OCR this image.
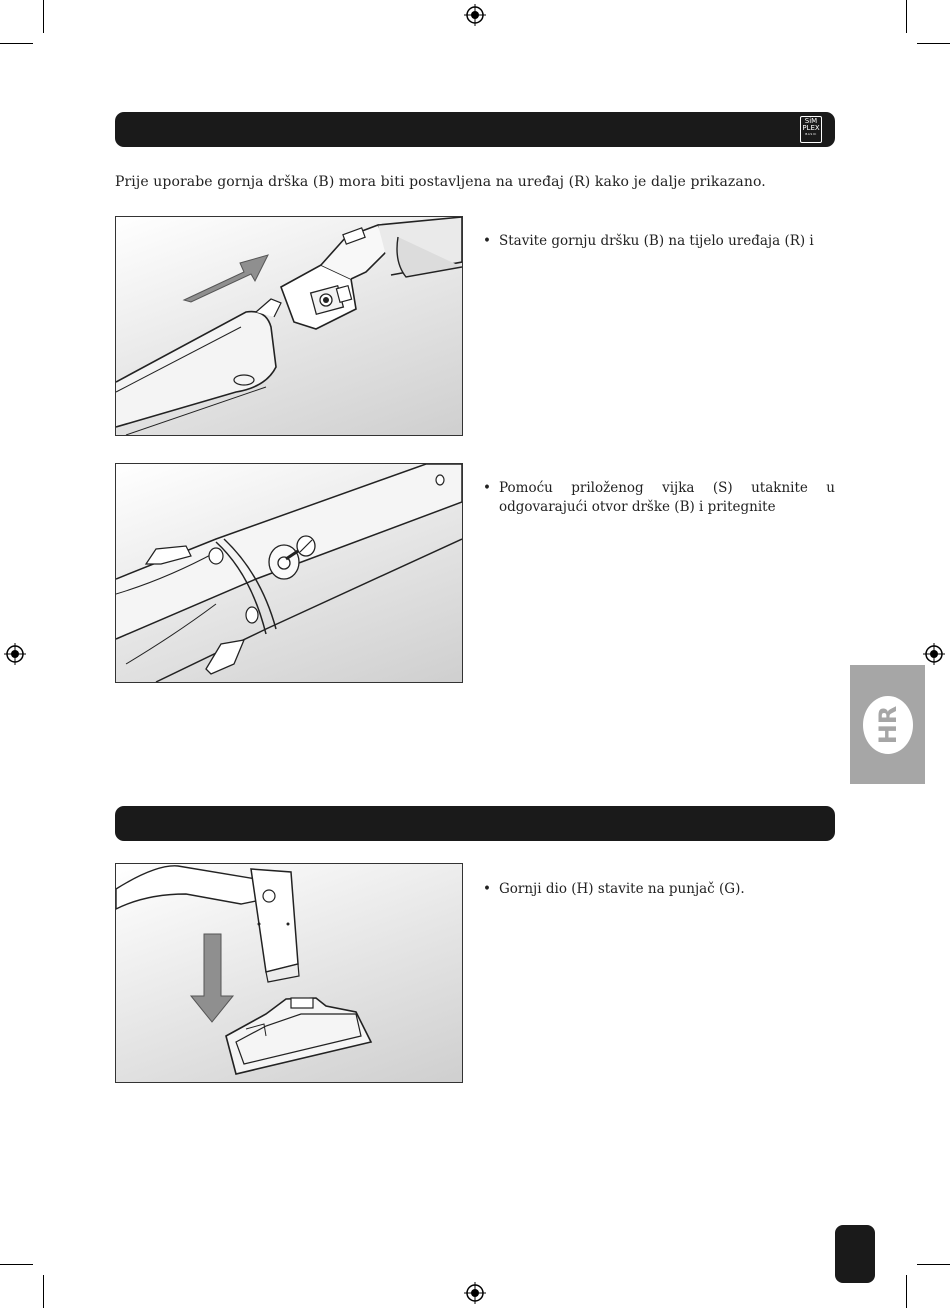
SiM
PLEX
BASIC
Prije uporabe gornja drška (B) mora biti postavljena na uređaj (R) kako je dalje prikazano.
• Stavite gornju dršku (B) na tijelo uređaja (R) i
• Pomoću priloženog vijka (S) utaknite u odgovarajući otvor drške (B) i pritegnite
HR
• Gornji dio (H) stavite na punjač (G).
